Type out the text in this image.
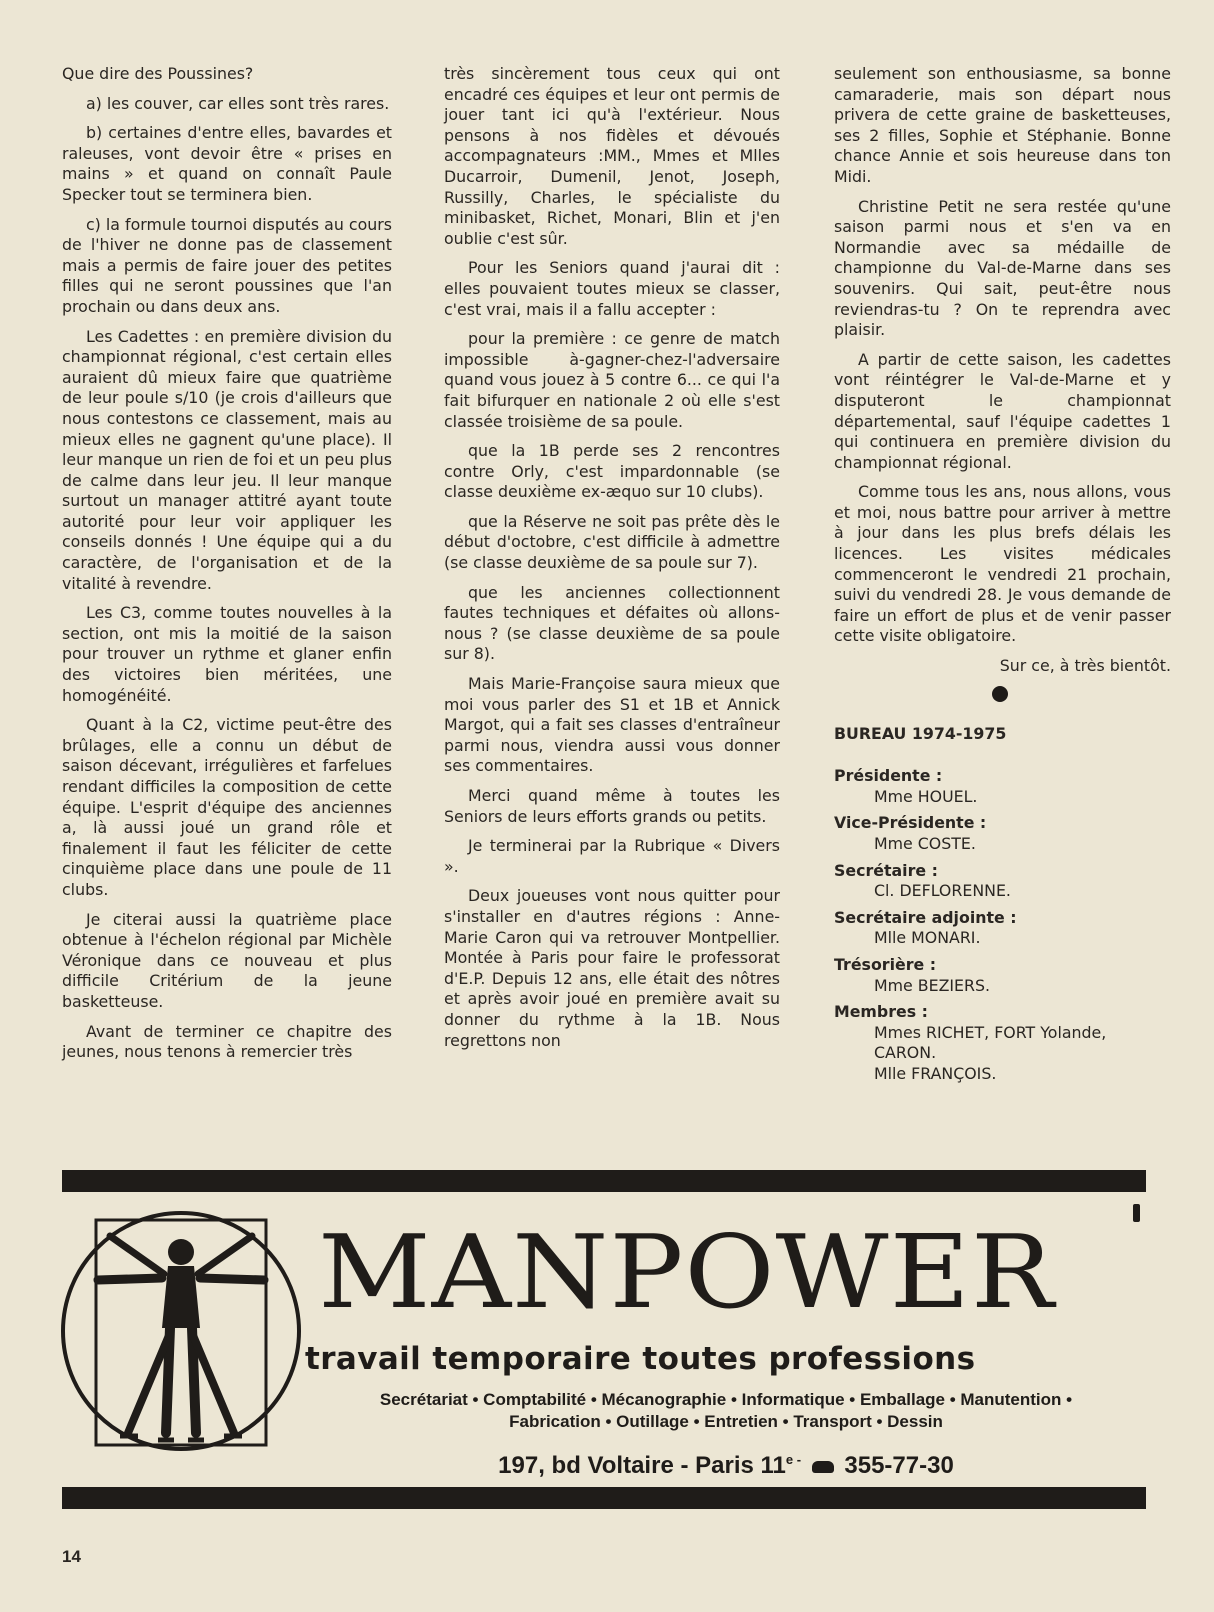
Que dire des Poussines?

a) les couver, car elles sont très rares.

b) certaines d'entre elles, bavardes et raleuses, vont devoir être « prises en mains » et quand on connaît Paule Specker tout se terminera bien.

c) la formule tournoi disputés au cours de l'hiver ne donne pas de classement mais a permis de faire jouer des petites filles qui ne seront poussines que l'an prochain ou dans deux ans.

Les Cadettes : en première division du championnat régional, c'est certain elles auraient dû mieux faire que quatrième de leur poule s/10 (je crois d'ailleurs que nous contestons ce classement, mais au mieux elles ne gagnent qu'une place). Il leur manque un rien de foi et un peu plus de calme dans leur jeu. Il leur manque surtout un manager attitré ayant toute autorité pour leur voir appliquer les conseils donnés ! Une équipe qui a du caractère, de l'organisation et de la vitalité à revendre.

Les C3, comme toutes nouvelles à la section, ont mis la moitié de la saison pour trouver un rythme et glaner enfin des victoires bien méritées, une homogénéité.

Quant à la C2, victime peut-être des brûlages, elle a connu un début de saison décevant, irrégulières et farfelues rendant difficiles la composition de cette équipe. L'esprit d'équipe des anciennes a, là aussi joué un grand rôle et finalement il faut les féliciter de cette cinquième place dans une poule de 11 clubs.

Je citerai aussi la quatrième place obtenue à l'échelon régional par Michèle Véronique dans ce nouveau et plus difficile Critérium de la jeune basketteuse.

Avant de terminer ce chapitre des jeunes, nous tenons à remercier très

très sincèrement tous ceux qui ont encadré ces équipes et leur ont permis de jouer tant ici qu'à l'extérieur. Nous pensons à nos fidèles et dévoués accompagnateurs :MM., Mmes et Mlles Ducarroir, Dumenil, Jenot, Joseph, Russilly, Charles, le spécialiste du minibasket, Richet, Monari, Blin et j'en oublie c'est sûr.

Pour les Seniors quand j'aurai dit : elles pouvaient toutes mieux se classer, c'est vrai, mais il a fallu accepter :

pour la première : ce genre de match impossible à-gagner-chez-l'adversaire quand vous jouez à 5 contre 6... ce qui l'a fait bifurquer en nationale 2 où elle s'est classée troisième de sa poule.

que la 1B perde ses 2 rencontres contre Orly, c'est impardonnable (se classe deuxième ex-æquo sur 10 clubs).

que la Réserve ne soit pas prête dès le début d'octobre, c'est difficile à admettre (se classe deuxième de sa poule sur 7).

que les anciennes collectionnent fautes techniques et défaites où allons-nous ? (se classe deuxième de sa poule sur 8).

Mais Marie-Françoise saura mieux que moi vous parler des S1 et 1B et Annick Margot, qui a fait ses classes d'entraîneur parmi nous, viendra aussi vous donner ses commentaires.

Merci quand même à toutes les Seniors de leurs efforts grands ou petits.

Je terminerai par la Rubrique « Divers ».

Deux joueuses vont nous quitter pour s'installer en d'autres régions : Anne-Marie Caron qui va retrouver Montpellier. Montée à Paris pour faire le professorat d'E.P. Depuis 12 ans, elle était des nôtres et après avoir joué en première avait su donner du rythme à la 1B. Nous regrettons non

seulement son enthousiasme, sa bonne camaraderie, mais son départ nous privera de cette graine de basketteuses, ses 2 filles, Sophie et Stéphanie. Bonne chance Annie et sois heureuse dans ton Midi.

Christine Petit ne sera restée qu'une saison parmi nous et s'en va en Normandie avec sa médaille de championne du Val-de-Marne dans ses souvenirs. Qui sait, peut-être nous reviendras-tu ? On te reprendra avec plaisir.

A partir de cette saison, les cadettes vont réintégrer le Val-de-Marne et y disputeront le championnat départemental, sauf l'équipe cadettes 1 qui continuera en première division du championnat régional.

Comme tous les ans, nous allons, vous et moi, nous battre pour arriver à mettre à jour dans les plus brefs délais les licences. Les visites médicales commenceront le vendredi 21 prochain, suivi du vendredi 28. Je vous demande de faire un effort de plus et de venir passer cette visite obligatoire.

Sur ce, à très bientôt.

BUREAU 1974-1975

Présidente :

Mme HOUEL.

Vice-Présidente :

Mme COSTE.

Secrétaire :

Cl. DEFLORENNE.

Secrétaire adjointe :

Mlle MONARI.

Trésorière :

Mme BEZIERS.

Membres :

Mmes RICHET, FORT Yolande,

CARON.

Mlle FRANÇOIS.

MANPOWER
travail temporaire toutes professions
Secrétariat • Comptabilité • Mécanographie • Informatique • Emballage • Manutention •
Fabrication • Outillage • Entretien • Transport • Dessin
197, bd Voltaire - Paris $11^{e -}$ 355-77-30
14
